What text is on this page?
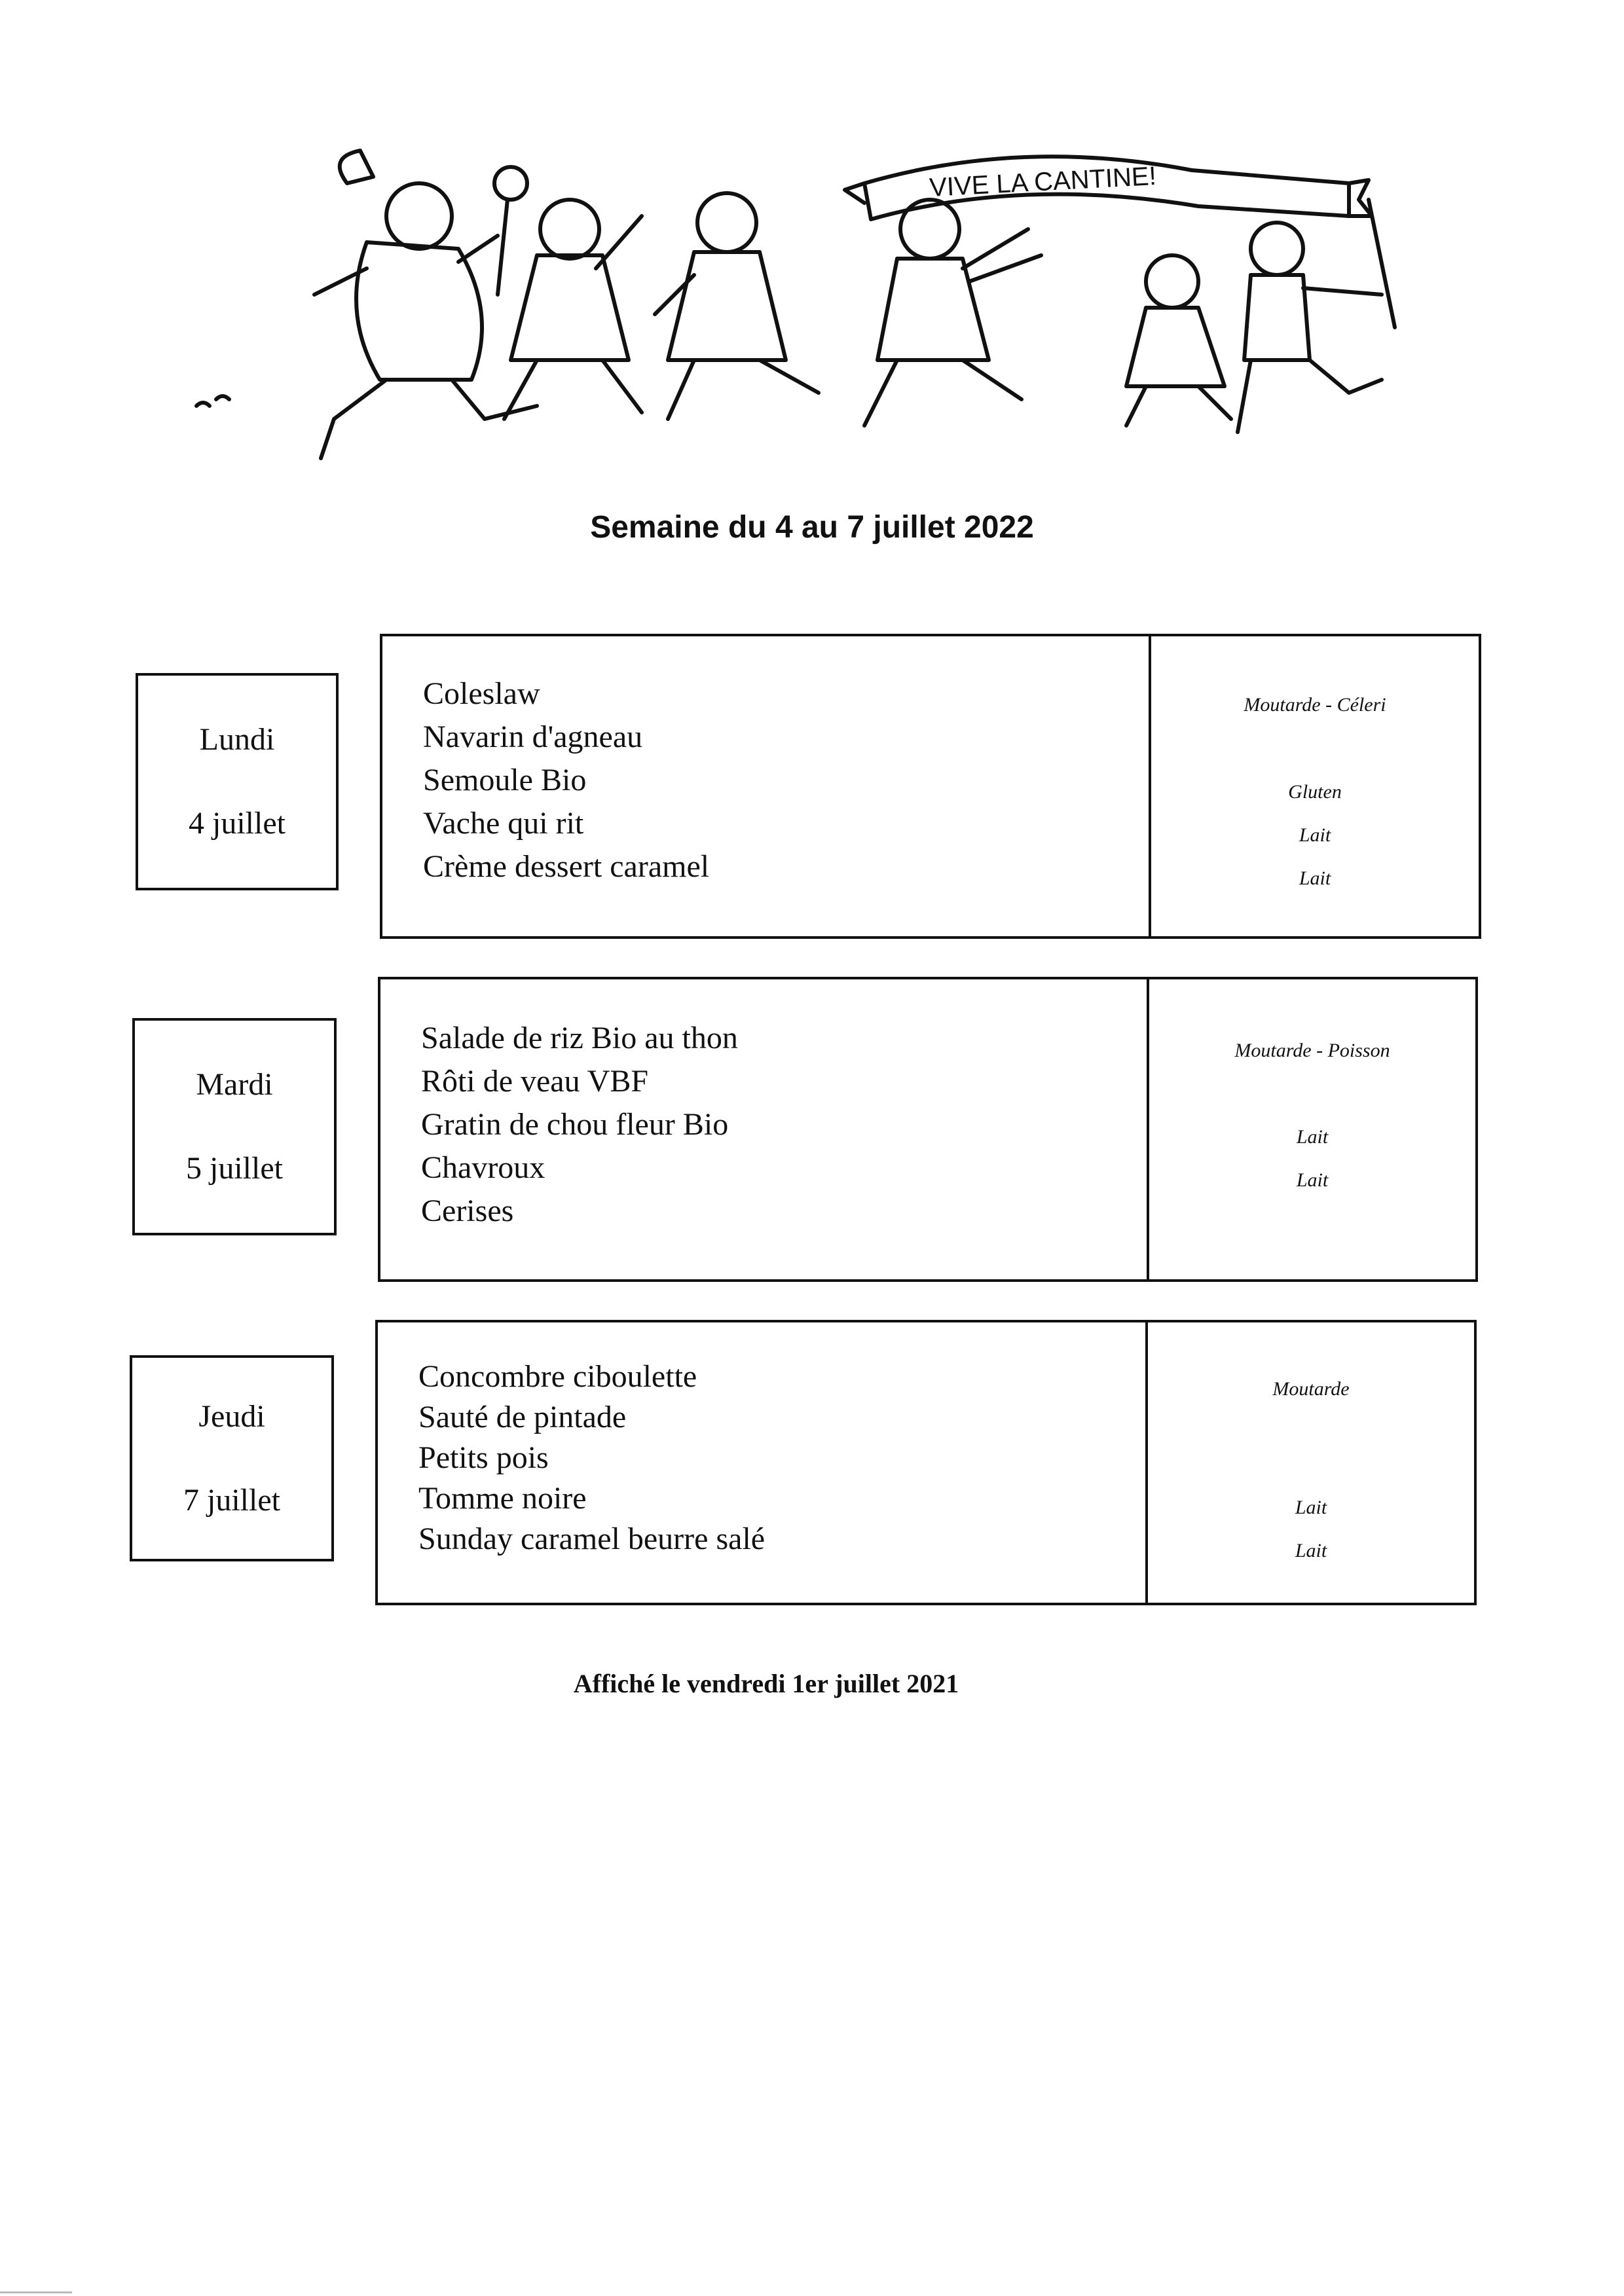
VIVE LA CANTINE!
Semaine du 4 au 7 juillet 2022
Lundi
4 juillet
Coleslaw
Navarin d'agneau
Semoule Bio
Vache qui rit
Crème dessert caramel
Moutarde - Céleri
Gluten
Lait
Lait
Mardi
5 juillet
Salade de riz Bio au thon
Rôti de veau VBF
Gratin de chou fleur Bio
Chavroux
Cerises
Moutarde - Poisson
Lait
Lait
Jeudi
7 juillet
Concombre ciboulette
Sauté de pintade
Petits pois
Tomme noire
Sunday caramel beurre salé
Moutarde
Lait
Lait
Affiché le vendredi 1er juillet 2021
